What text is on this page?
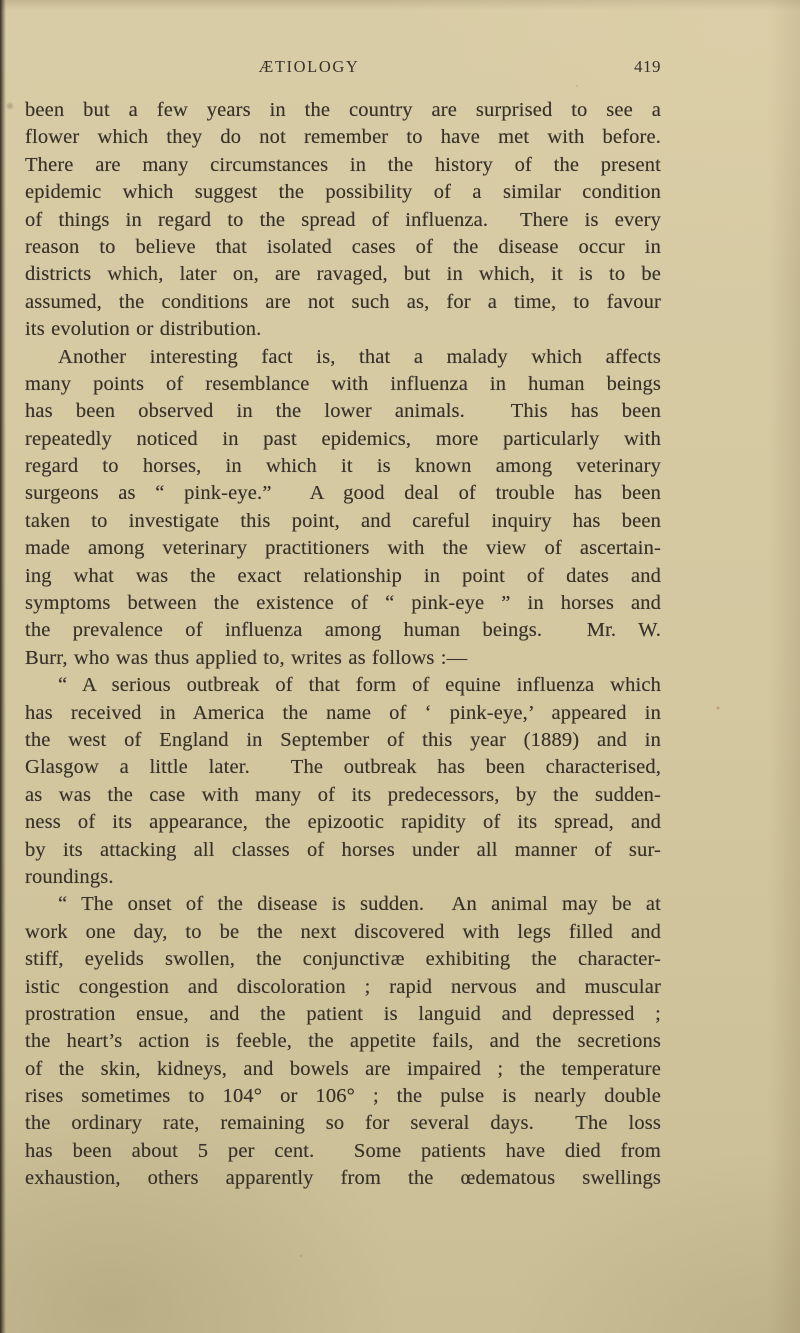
ÆTIOLOGY	419
been but a few years in the country are surprised to see a
flower which they do not remember to have met with before.
There are many circumstances in the history of the present
epidemic which suggest the possibility of a similar condition
of things in regard to the spread of influenza.  There is every
reason to believe that isolated cases of the disease occur in
districts which, later on, are ravaged, but in which, it is to be
assumed, the conditions are not such as, for a time, to favour
its evolution or distribution.
Another interesting fact is, that a malady which affects
many points of resemblance with influenza in human beings
has been observed in the lower animals.  This has been
repeatedly noticed in past epidemics, more particularly with
regard to horses, in which it is known among veterinary
surgeons as “ pink-eye.”  A good deal of trouble has been
taken to investigate this point, and careful inquiry has been
made among veterinary practitioners with the view of ascertain-
ing what was the exact relationship in point of dates and
symptoms between the existence of “ pink-eye ” in horses and
the prevalence of influenza among human beings.  Mr. W.
Burr, who was thus applied to, writes as follows :—
“ A serious outbreak of that form of equine influenza which
has received in America the name of ‘ pink-eye,’ appeared in
the west of England in September of this year (1889) and in
Glasgow a little later.  The outbreak has been characterised,
as was the case with many of its predecessors, by the sudden-
ness of its appearance, the epizootic rapidity of its spread, and
by its attacking all classes of horses under all manner of sur-
roundings.
“ The onset of the disease is sudden.  An animal may be at
work one day, to be the next discovered with legs filled and
stiff, eyelids swollen, the conjunctivæ exhibiting the character-
istic congestion and discoloration ; rapid nervous and muscular
prostration ensue, and the patient is languid and depressed ;
the heart’s action is feeble, the appetite fails, and the secretions
of the skin, kidneys, and bowels are impaired ; the temperature
rises sometimes to 104° or 106° ; the pulse is nearly double
the ordinary rate, remaining so for several days.  The loss
has been about 5 per cent.  Some patients have died from
exhaustion, others apparently from the œdematous swellings
